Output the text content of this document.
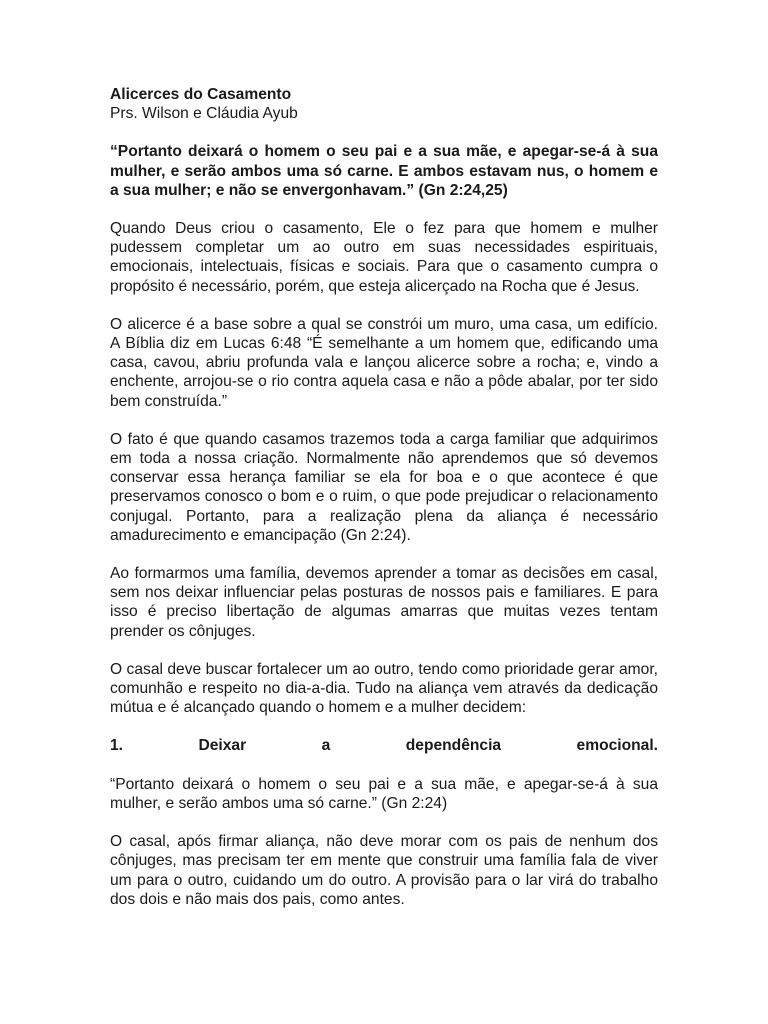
Alicerces do Casamento
Prs. Wilson e Cláudia Ayub

“Portanto deixará o homem o seu pai e a sua mãe, e apegar-se-á à sua mulher, e serão ambos uma só carne. E ambos estavam nus, o homem e a sua mulher; e não se envergonhavam.” (Gn 2:24,25)

Quando Deus criou o casamento, Ele o fez para que homem e mulher pudessem completar um ao outro em suas necessidades espirituais, emocionais, intelectuais, físicas e sociais. Para que o casamento cumpra o propósito é necessário, porém, que esteja alicerçado na Rocha que é Jesus.

O alicerce é a base sobre a qual se constrói um muro, uma casa, um edifício. A Bíblia diz em Lucas 6:48 “É semelhante a um homem que, edificando uma casa, cavou, abriu profunda vala e lançou alicerce sobre a rocha; e, vindo a enchente, arrojou-se o rio contra aquela casa e não a pôde abalar, por ter sido bem construída.”

O fato é que quando casamos trazemos toda a carga familiar que adquirimos em toda a nossa criação. Normalmente não aprendemos que só devemos conservar essa herança familiar se ela for boa e o que acontece é que preservamos conosco o bom e o ruim, o que pode prejudicar o relacionamento conjugal. Portanto, para a realização plena da aliança é necessário amadurecimento e emancipação (Gn 2:24).

Ao formarmos uma família, devemos aprender a tomar as decisões em casal, sem nos deixar influenciar pelas posturas de nossos pais e familiares. E para isso é preciso libertação de algumas amarras que muitas vezes tentam prender os cônjuges.

O casal deve buscar fortalecer um ao outro, tendo como prioridade gerar amor, comunhão e respeito no dia-a-dia. Tudo na aliança vem através da dedicação mútua e é alcançado quando o homem e a mulher decidem:

1.	Deixar	a	dependência	emocional.

“Portanto deixará o homem o seu pai e a sua mãe, e apegar-se-á à sua mulher, e serão ambos uma só carne.” (Gn 2:24)

O casal, após firmar aliança, não deve morar com os pais de nenhum dos cônjuges, mas precisam ter em mente que construir uma família fala de viver um para o outro, cuidando um do outro. A provisão para o lar virá do trabalho dos dois e não mais dos pais, como antes.
